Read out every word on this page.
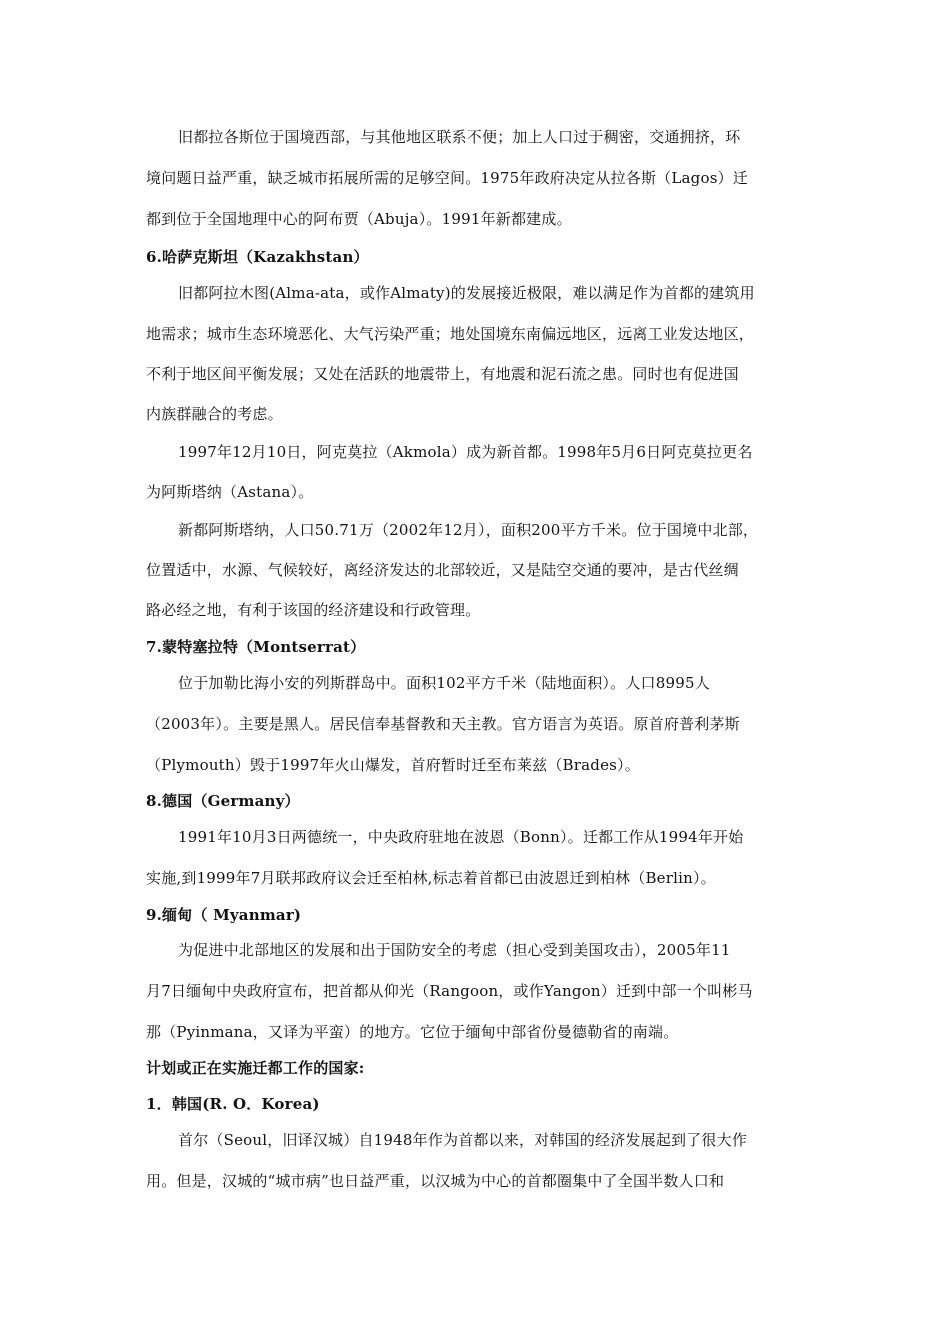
旧都拉各斯位于国境西部，与其他地区联系不便；加上人口过于稠密，交通拥挤，环
境问题日益严重，缺乏城市拓展所需的足够空间。1975年政府决定从拉各斯（Lagos）迁
都到位于全国地理中心的阿布贾（Abuja）。1991年新都建成。
6.哈萨克斯坦（Kazakhstan）
旧都阿拉木图(Alma-ata，或作Almaty)的发展接近极限，难以满足作为首都的建筑用
地需求；城市生态环境恶化、大气污染严重；地处国境东南偏远地区，远离工业发达地区，
不利于地区间平衡发展；又处在活跃的地震带上，有地震和泥石流之患。同时也有促进国
内族群融合的考虑。
1997年12月10日，阿克莫拉（Akmola）成为新首都。1998年5月6日阿克莫拉更名
为阿斯塔纳（Astana）。
新都阿斯塔纳，人口50.71万（2002年12月），面积200平方千米。位于国境中北部，
位置适中，水源、气候较好，离经济发达的北部较近，又是陆空交通的要冲，是古代丝绸
路必经之地，有利于该国的经济建设和行政管理。
7.蒙特塞拉特（Montserrat）
位于加勒比海小安的列斯群岛中。面积102平方千米（陆地面积）。人口8995人
（2003年）。主要是黑人。居民信奉基督教和天主教。官方语言为英语。原首府普利茅斯
（Plymouth）毁于1997年火山爆发，首府暂时迁至布莱兹（Brades）。
8.德国（Germany）
1991年10月3日两德统一，中央政府驻地在波恩（Bonn）。迁都工作从1994年开始
实施,到1999年7月联邦政府议会迁至柏林,标志着首都已由波恩迁到柏林（Berlin）。
9.缅甸（ Myanmar)
为促进中北部地区的发展和出于国防安全的考虑（担心受到美国攻击），2005年11
月7日缅甸中央政府宣布，把首都从仰光（Rangoon，或作Yangon）迁到中部一个叫彬马
那（Pyinmana，又译为平蛮）的地方。它位于缅甸中部省份曼德勒省的南端。
计划或正在实施迁都工作的国家:
1．韩国(R. O．Korea)
首尔（Seoul，旧译汉城）自1948年作为首都以来，对韩国的经济发展起到了很大作
用。但是，汉城的“城市病”也日益严重，以汉城为中心的首都圈集中了全国半数人口和
